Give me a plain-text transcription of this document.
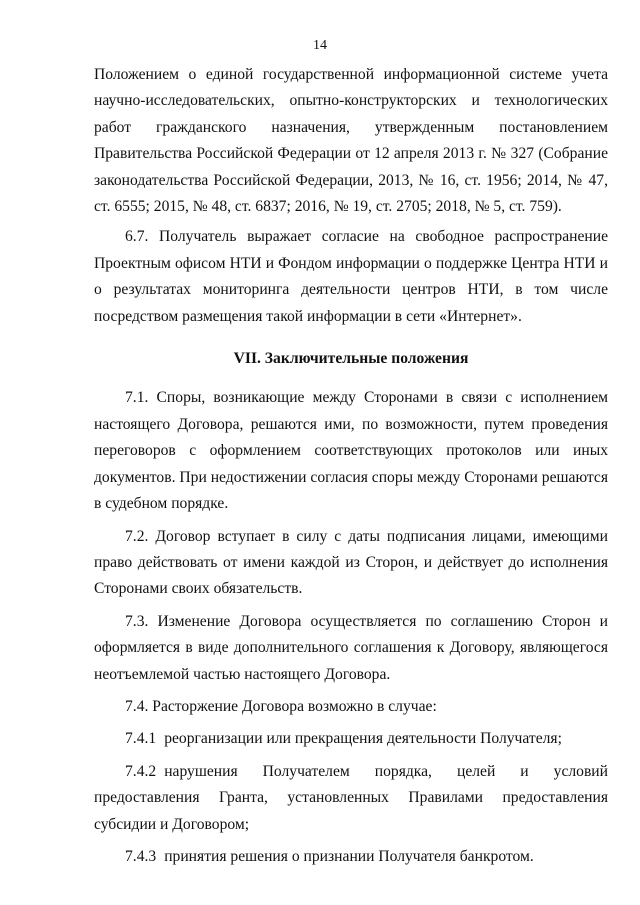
14

Положением о единой государственной информационной системе учета научно-исследовательских, опытно-конструкторских и технологических работ гражданского назначения, утвержденным постановлением Правительства Российской Федерации от 12 апреля 2013 г. № 327 (Собрание законодательства Российской Федерации, 2013, № 16, ст. 1956; 2014, № 47, ст. 6555; 2015, № 48, ст. 6837; 2016, № 19, ст. 2705; 2018, № 5, ст. 759).

6.7. Получатель выражает согласие на свободное распространение Проектным офисом НТИ и Фондом информации о поддержке Центра НТИ и о результатах мониторинга деятельности центров НТИ, в том числе посредством размещения такой информации в сети «Интернет».

VII. Заключительные положения

7.1. Споры, возникающие между Сторонами в связи с исполнением настоящего Договора, решаются ими, по возможности, путем проведения переговоров с оформлением соответствующих протоколов или иных документов. При недостижении согласия споры между Сторонами решаются в судебном порядке.

7.2. Договор вступает в силу с даты подписания лицами, имеющими право действовать от имени каждой из Сторон, и действует до исполнения Сторонами своих обязательств.

7.3. Изменение Договора осуществляется по соглашению Сторон и оформляется в виде дополнительного соглашения к Договору, являющегося неотъемлемой частью настоящего Договора.

7.4. Расторжение Договора возможно в случае:

7.4.1 реорганизации или прекращения деятельности Получателя;

7.4.2 нарушения Получателем порядка, целей и условий предоставления Гранта, установленных Правилами предоставления субсидии и Договором;

7.4.3 принятия решения о признании Получателя банкротом.
